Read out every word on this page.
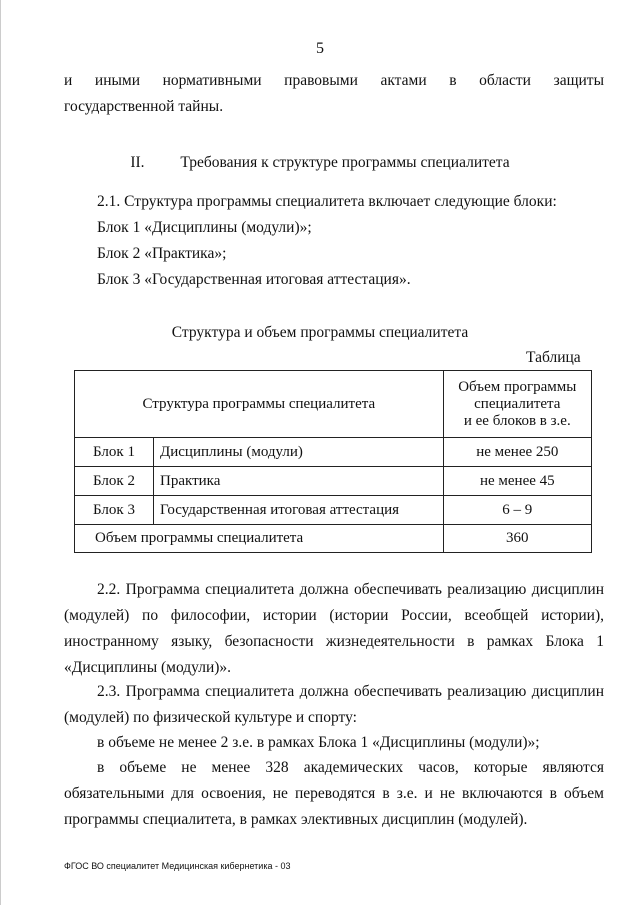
5
и иными нормативными правовыми актами в области защиты
государственной тайны.
II. Требования к структуре программы специалитета
2.1. Структура программы специалитета включает следующие блоки:
Блок 1 «Дисциплины (модули)»;
Блок 2 «Практика»;
Блок 3 «Государственная итоговая аттестация».
Структура и объем программы специалитета
Таблица
Структура программы специалитета		Объем программы
специалитета
и ее блоков в з.е.

Блок 1	Дисциплины (модули)	не менее 250
Блок 2	Практика	не менее 45
Блок 3	Государственная итоговая аттестация	6 – 9
Объем программы специалитета		360
2.2. Программа специалитета должна обеспечивать реализацию дисциплин
(модулей) по философии, истории (истории России, всеобщей истории),
иностранному языку, безопасности жизнедеятельности в рамках Блока 1
«Дисциплины (модули)».
2.3. Программа специалитета должна обеспечивать реализацию дисциплин
(модулей) по физической культуре и спорту:
в объеме не менее 2 з.е. в рамках Блока 1 «Дисциплины (модули)»;
в объеме не менее 328 академических часов, которые являются
обязательными для освоения, не переводятся в з.е. и не включаются в объем
программы специалитета, в рамках элективных дисциплин (модулей).
ФГОС ВО специалитет Медицинская кибернетика - 03
